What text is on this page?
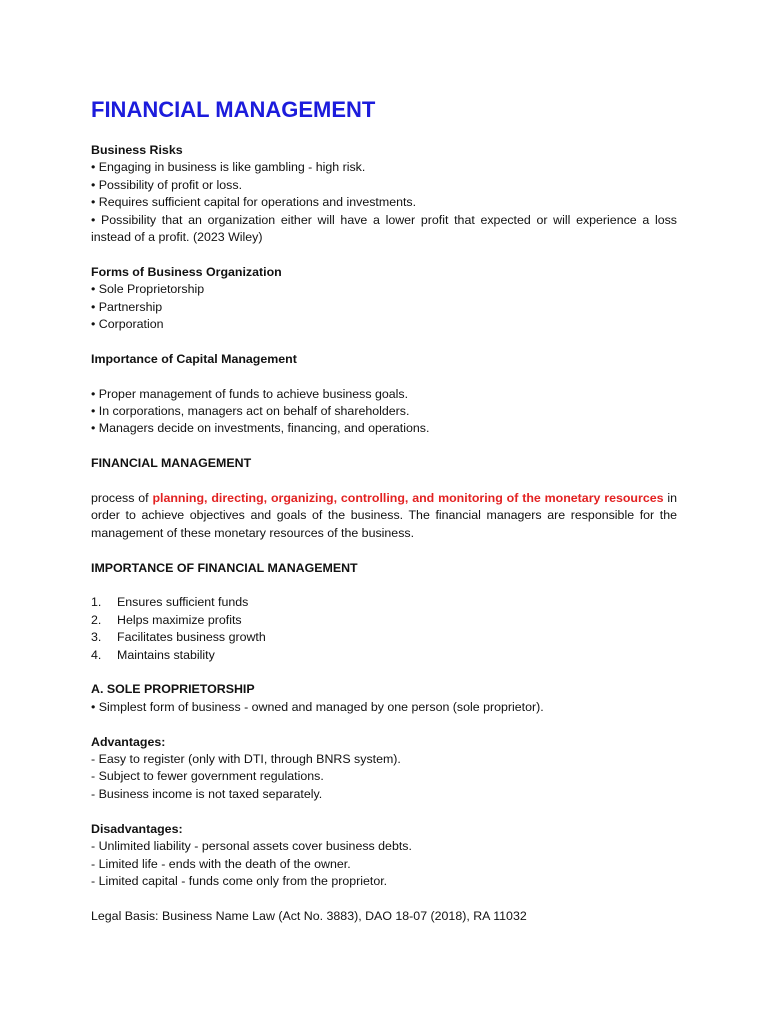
FINANCIAL MANAGEMENT

Business Risks

• Engaging in business is like gambling - high risk.

• Possibility of profit or loss.

• Requires sufficient capital for operations and investments.

• Possibility that an organization either will have a lower profit that expected or will experience a loss instead of a profit. (2023 Wiley)

Forms of Business Organization

• Sole Proprietorship

• Partnership

• Corporation

Importance of Capital Management

• Proper management of funds to achieve business goals.

• In corporations, managers act on behalf of shareholders.

• Managers decide on investments, financing, and operations.

FINANCIAL MANAGEMENT

process of planning, directing, organizing, controlling, and monitoring of the monetary resources in order to achieve objectives and goals of the business. The financial managers are responsible for the management of these monetary resources of the business.

IMPORTANCE OF FINANCIAL MANAGEMENT

1.	Ensures sufficient funds
2.	Helps maximize profits
3.	Facilitates business growth
4.	Maintains stability

A. SOLE PROPRIETORSHIP

• Simplest form of business - owned and managed by one person (sole proprietor).

Advantages:

- Easy to register (only with DTI, through BNRS system).

- Subject to fewer government regulations.

- Business income is not taxed separately.

Disadvantages:

- Unlimited liability - personal assets cover business debts.

- Limited life - ends with the death of the owner.

- Limited capital - funds come only from the proprietor.

Legal Basis: Business Name Law (Act No. 3883), DAO 18-07 (2018), RA 11032
